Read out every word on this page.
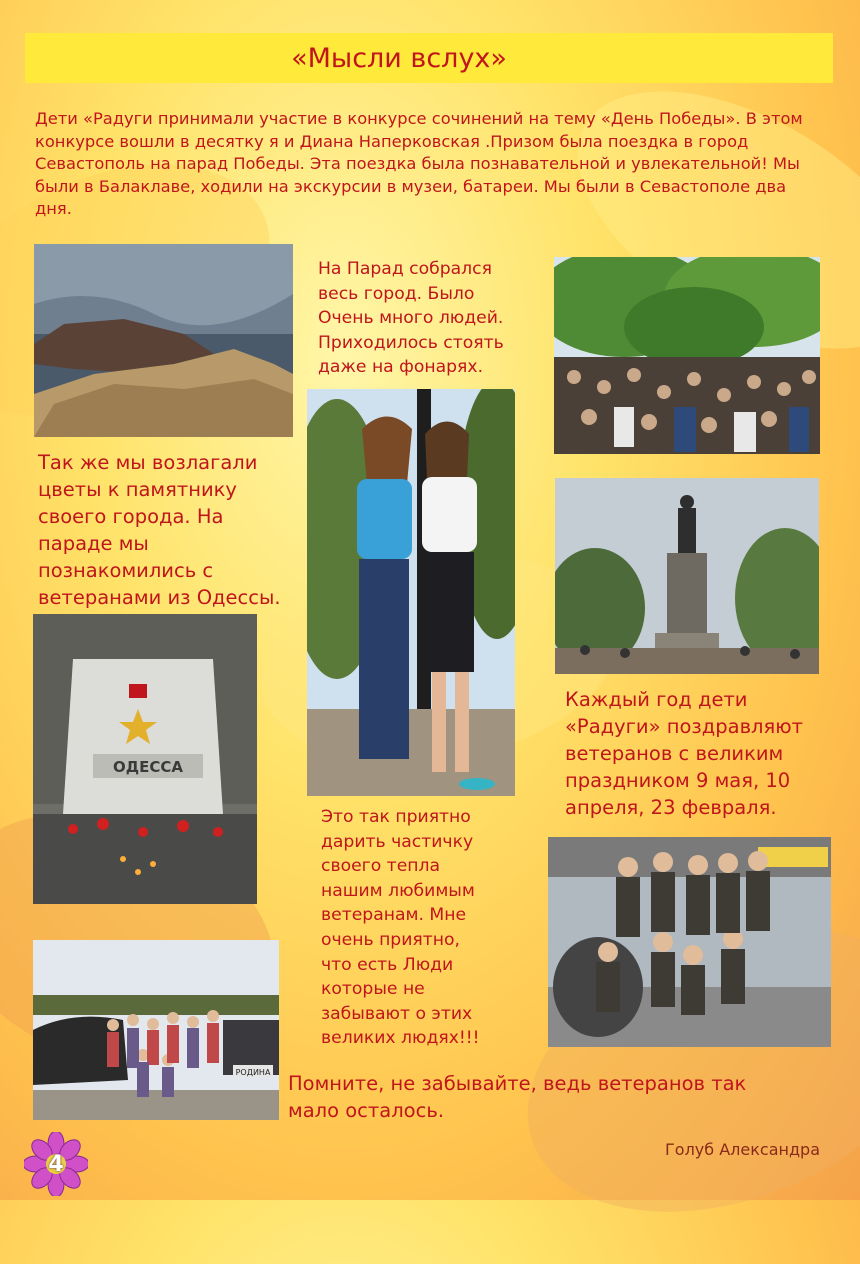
«Мысли вслух»
Дети «Радуги принимали участие в конкурсе сочинений на тему «День Победы». В этом конкурсе вошли в десятку я и Диана Наперковская .Призом была поездка в город Севастополь на парад Победы. Эта поездка была познавательной и увлекательной! Мы были в Балаклаве, ходили на экскурсии в музеи, батареи. Мы были в Севастополе два дня.
На Парад собрался
весь город. Было
Очень много людей.
Приходилось стоять
даже на фонарях.
Так же мы возлагали
цветы к памятнику
своего города. На
параде мы
познакомились с
ветеранами из Одессы.
ОДЕССА
Каждый год дети
«Радуги» поздравляют
ветеранов с великим
праздником 9 мая, 10
апреля, 23 февраля.
Это так приятно
дарить частичку
своего тепла
нашим любимым
ветеранам. Мне
очень приятно,
что есть Люди
которые не
забывают о этих
великих людях!!!
РОДИНА Помните, не забывайте, ведь ветеранов так
мало осталось.
4
Голуб Александра
